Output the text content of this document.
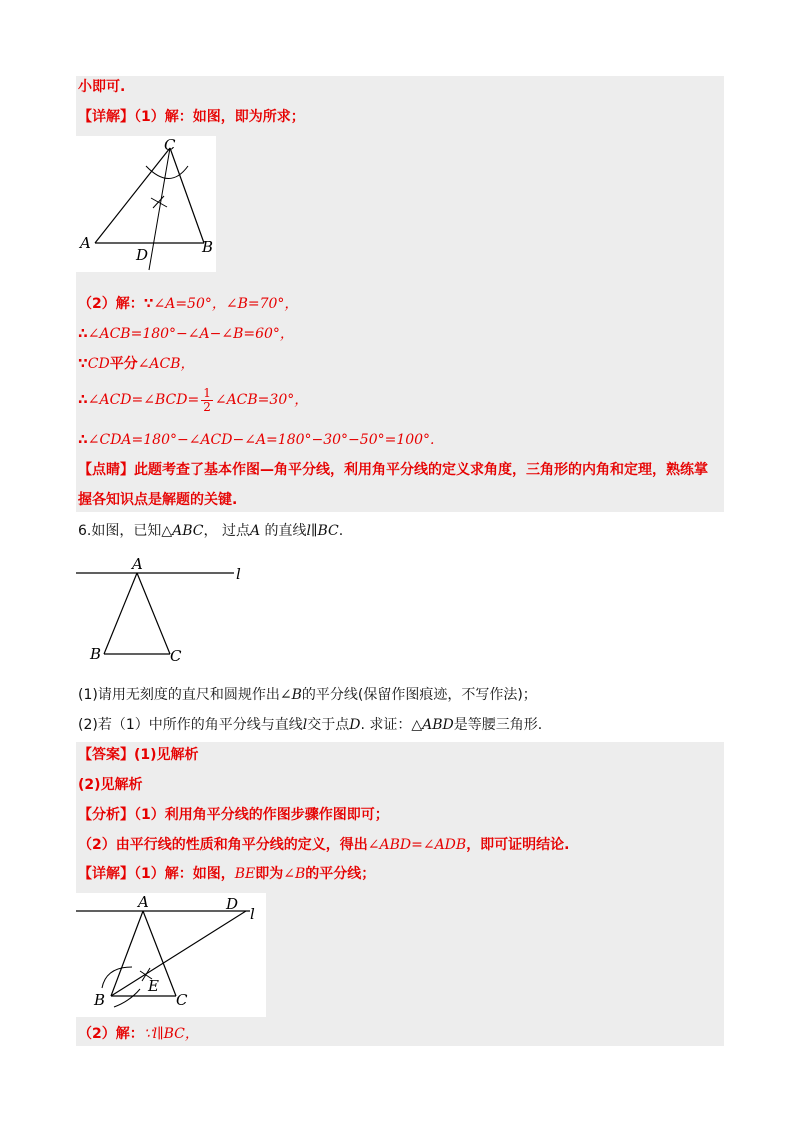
小即可.
【详解】（1）解：如图，即为所求；
C
A	B
D
（2）解：∵∠A=50°，∠B=70°，
∴∠ACB=180°−∠A−∠B=60°，
∵CD平分∠ACB，
∴∠ACD=∠BCD= $\frac{1}{2}$ ∠ACB=30°，
∴∠CDA=180°−∠ACD−∠A=180°−30°−50°=100°.
【点睛】此题考查了基本作图—角平分线，利用角平分线的定义求角度，三角形的内角和定理，熟练掌
握各知识点是解题的关键.
6.如图，已知△ABC， 过点A 的直线l∥BC.
A
l
B	C
(1)请用无刻度的直尺和圆规作出∠B的平分线(保留作图痕迹，不写作法)；
(2)若（1）中所作的角平分线与直线l交于点D. 求证：△ABD是等腰三角形.
【答案】(1)见解析
(2)见解析
【分析】（1）利用角平分线的作图步骤作图即可；
（2）由平行线的性质和角平分线的定义，得出∠ABD=∠ADB，即可证明结论.
【详解】（1）解：如图，BE即为∠B的平分线；
A	D
l
E
B	C
（2）解：∵l∥BC，
